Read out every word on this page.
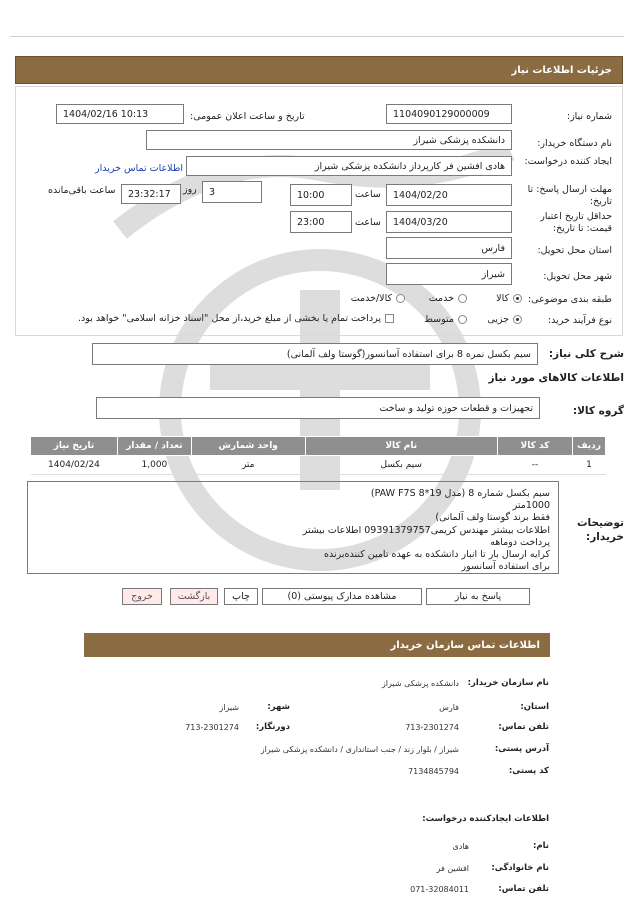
جزئیات اطلاعات نیاز
شماره نیاز:
1104090129000009
تاریخ و ساعت اعلان عمومی:
1404/02/16 10:13
نام دستگاه خریدار:
دانشکده پزشکی شیراز
ایجاد کننده درخواست:
هادی افشین فر کارپرداز دانشکده پزشکی شیراز
اطلاعات تماس خریدار
مهلت ارسال پاسخ: تا تاریخ:
1404/02/20
ساعت
10:00
3
روز
23:32:17
ساعت باقی‌مانده
حداقل تاریخ اعتبار قیمت: تا تاریخ:
1404/03/20
ساعت
23:00
استان محل تحویل:
فارس
شهر محل تحویل:
شیراز
طبقه بندی موضوعی:
کالا
خدمت
کالا/خدمت
نوع فرآیند خرید:
جزیی
متوسط
پرداخت تمام یا بخشی از مبلغ خرید،از محل "اسناد خزانه اسلامی" خواهد بود.
شرح کلی نیاز:
سیم بکسل نمره 8 برای استفاده آسانسور(گوستا ولف آلمانی)
اطلاعات کالاهای مورد نیاز
گروه کالا:
تجهیزات و قطعات حوزه تولید و ساخت
ردیف	کد کالا	نام کالا	واحد شمارش	تعداد / مقدار	تاریخ نیاز
1	--	سیم بکسل	متر	1,000	1404/02/24
توضیحات خریدار:
سیم بکسل شماره 8 (مدل PAW F7S 8*19)
1000متر
فقط برند گوستا ولف آلمانی)
اطلاعات بیشتر مهندس کریمی09391379757 اطلاعات بیشتر
پرداخت دوماهه
کرایه ارسال بار تا انبار دانشکده به عهده تامین کننده‌برنده
برای استفاده آسانسور
پاسخ به نیاز
مشاهده مدارک پیوستی (0)
چاپ
بازگشت
خروج
اطلاعات تماس سازمان خریدار
نام سازمان خریدار:
دانشکده پزشکی شیراز
استان:
فارس
شهر:
شیراز
تلفن تماس:
713-2301274
دورنگار:
713-2301274
آدرس پستی:
شیراز / بلوار زند / جنب استانداری / دانشکده پزشکی شیراز
کد پستی:
7134845794
اطلاعات ایجادکننده درخواست:
نام:
هادی
نام خانوادگی:
افشین فر
تلفن تماس:
071-32084011
